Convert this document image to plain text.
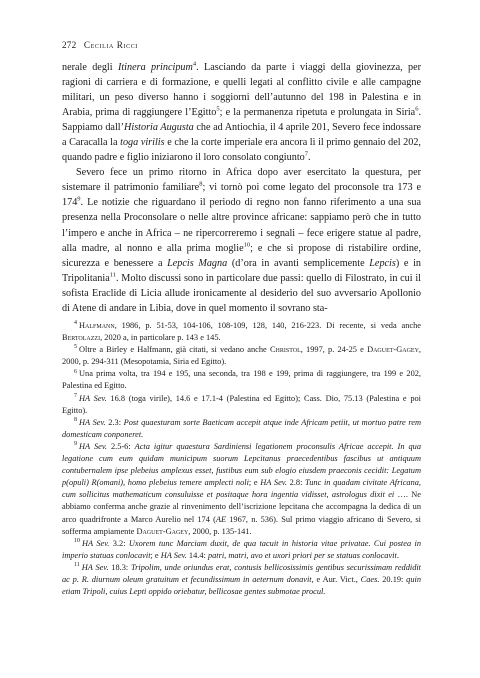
272 Cecilia Ricci

nerale degli Itinera principum$^4$. Lasciando da parte i viaggi della giovinezza, per ragioni di carriera e di formazione, e quelli legati al conflitto civile e alle campagne militari, un peso diverso hanno i soggiorni dell’autunno del 198 in Palestina e in Arabia, prima di raggiungere l’Egitto$^5$; e la permanenza ripetuta e prolungata in Siria$^6$. Sappiamo dall’Historia Augusta che ad Antiochia, il 4 aprile 201, Severo fece indossare a Caracalla la toga virilis e che la corte imperiale era ancora lì il primo gennaio del 202, quando padre e figlio iniziarono il loro consolato congiunto$^7$.

Severo fece un primo ritorno in Africa dopo aver esercitato la questura, per sistemare il patrimonio familiare$^8$; vi tornò poi come legato del proconsole tra 173 e $174^9$. Le notizie che riguardano il periodo di regno non fanno riferimento a una sua presenza nella Proconsolare o nelle altre province africane: sappiamo però che in tutto l’impero e anche in Africa – ne ripercorreremo i segnali – fece erigere statue al padre, alla madre, al nonno e alla prima moglie$^{10}$; e che si propose di ristabilire ordine, sicurezza e benessere a Lepcis Magna (d’ora in avanti semplicemente Lepcis) e in Tripolitania$^{11}$. Molto discussi sono in particolare due passi: quello di Filostrato, in cui il sofista Eraclide di Licia allude ironicamente al desiderio del suo avversario Apollonio di Atene di andare in Libia, dove in quel momento il sovrano sta-

$^4$ Halfmann, 1986, p. 51-53, 104-106, 108-109, 128, 140, 216-223. Di recente, si veda anche Bertolazzi, 2020 a, in particolare p. 143 e 145.

$^5$ Oltre a Birley e Halfmann, già citati, si vedano anche Christol, 1997, p. 24-25 e Daguet-Gagey, 2000, p. 294-311 (Mesopotamia, Siria ed Egitto).

$^6$ Una prima volta, tra 194 e 195, una seconda, tra 198 e 199, prima di raggiungere, tra 199 e 202, Palestina ed Egitto.

$^7$ HA Sev. 16.8 (toga virile), 14.6 e 17.1-4 (Palestina ed Egitto); Cass. Dio, 75.13 (Palestina e poi Egitto).

$^8$ HA Sev. 2.3: Post quaesturam sorte Baeticam accepit atque inde Africam petiit, ut mortuo patre rem domesticam conponeret.

$^9$ HA Sev. 2.5-6: Acta igitur quaestura Sardiniensi legationem proconsulis Africae accepit. In qua legatione cum eum quidam municipum suorum Lepcitanus praecedentibus fascibus ut antiquum contubernalem ipse plebeius amplexus esset, fustibus eum sub elogio eiusdem praeconis cecidit: Legatum p(opuli) R(omani), homo plebeius temere amplecti noli; e HA Sev. 2.8: Tunc in quadam civitate Africana, cum sollicitus mathematicum consuluisse et positaque hora ingentia vidisset, astrologus dixit ei …. Ne abbiamo conferma anche grazie al rinvenimento dell’iscrizione lepcitana che accompagna la dedica di un arco quadrifronte a Marco Aurelio nel 174 (AE 1967, n. 536). Sul primo viaggio africano di Severo, si sofferma ampiamente Daguet-Gagey, 2000, p. 135-141.

$^{10}$ HA Sev. 3.2: Uxorem tunc Marciam duxit, de qua tacuit in historia vitae privatae. Cui postea in imperio statuas conlocavit; e HA Sev. 14.4: patri, matri, avo et uxori priori per se statuas conlocavit.

$^{11}$ HA Sev. 18.3: Tripolim, unde oriundus erat, contusis bellicosissimis gentibus securissimam reddidit ac p. R. diurnum oleum gratuitum et fecundissimum in aeternum donavit, e Aur. Vict., Caes. 20.19: quin etiam Tripoli, cuius Lepti oppido oriebatur, bellicosae gentes submotae procul.
